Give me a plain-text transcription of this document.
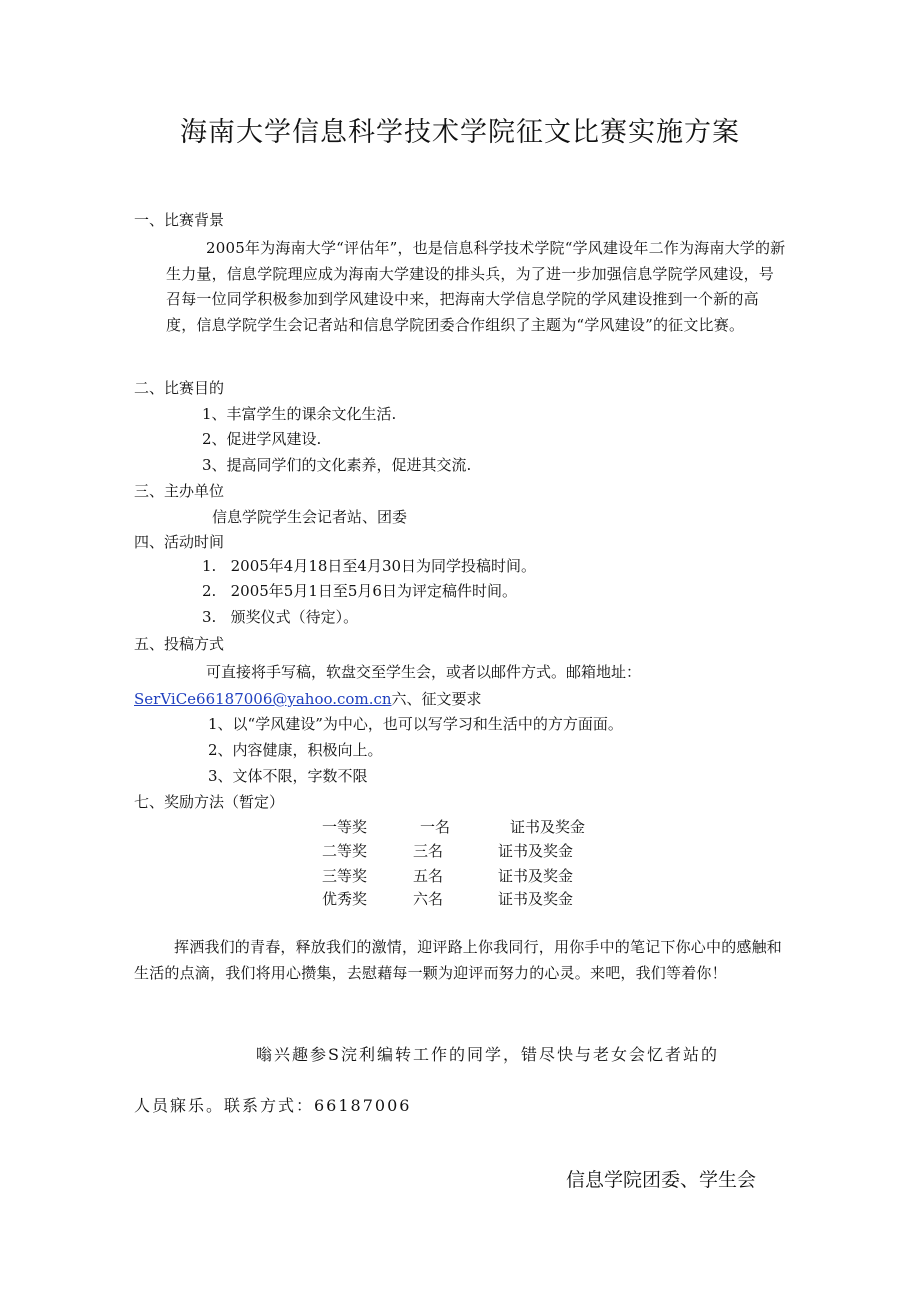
海南大学信息科学技术学院征文比赛实施方案
一、比赛背景
2005年为海南大学“评估年”，也是信息科学技术学院“学风建设年二作为海南大学的新生力量，信息学院理应成为海南大学建设的排头兵，为了进一步加强信息学院学风建设，号召每一位同学积极参加到学风建设中来，把海南大学信息学院的学风建设推到一个新的高度，信息学院学生会记者站和信息学院团委合作组织了主题为“学风建设”的征文比赛。
二、比赛目的
1、丰富学生的课余文化生活.
2、促进学风建设.
3、提高同学们的文化素养，促进其交流.
三、主办单位
信息学院学生会记者站、团委
四、活动时间
1.   2005年4月18日至4月30日为同学投稿时间。
2.   2005年5月1日至5月6日为评定稿件时间。
3.   颁奖仪式（待定）。
五、投稿方式
可直接将手写稿，软盘交至学生会，或者以邮件方式。邮箱地址：
SerViCe66187006@yahoo.com.cn六、征文要求
1、以“学风建设”为中心，也可以写学习和生活中的方方面面。
2、内容健康，积极向上。
3、文体不限，字数不限
七、奖励方法（暂定）
一等奖	一名	证书及奖金
二等奖	三名	证书及奖金
三等奖	五名	证书及奖金
优秀奖	六名	证书及奖金
挥洒我们的青春，释放我们的激情，迎评路上你我同行，用你手中的笔记下你心中的感触和生活的点滴，我们将用心攒集，去慰藉每一颗为迎评而努力的心灵。来吧，我们等着你！
嗡兴趣参S浣利编转工作的同学，错尽快与老女会忆者站的
人员寐乐。联系方式：66187006
信息学院团委、学生会
